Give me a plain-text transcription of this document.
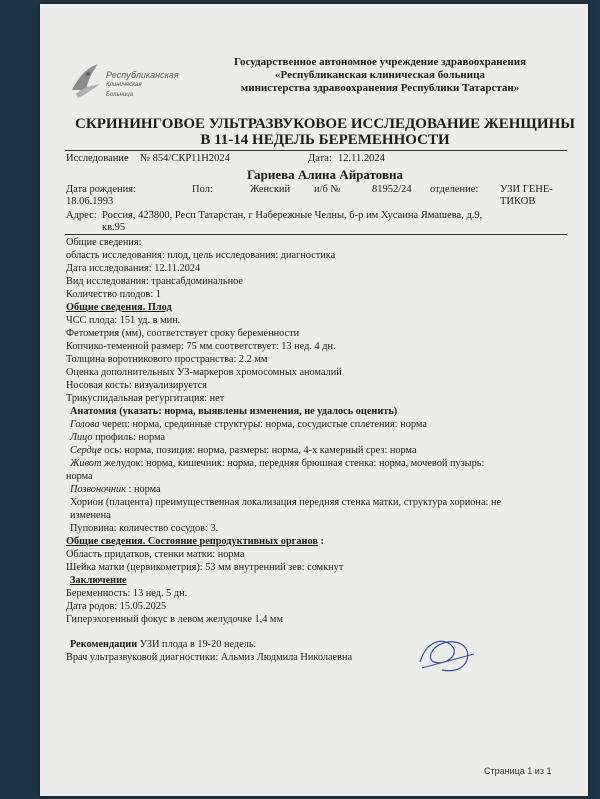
Республиканская
Клиническая
Больница
Государственное автономное учреждение здравоохранения
«Республиканская клиническая больница
министерства здравоохранения Республики Татарстан»
СКРИНИНГОВОЕ УЛЬТРАЗВУКОВОЕ ИССЛЕДОВАНИЕ ЖЕНЩИНЫ
В 11-14 НЕДЕЛЬ БЕРЕМЕННОСТИ
Исследование № 854/СКР11Н2024	Дата: 12.11.2024
Гариева Алина Айратовна
Дата рождения:
18.06.1993
Пол:	Женский и/б №	81952/24 отделение: УЗИ ГЕНЕ-
ТИКОВ
Адрес: Россия, 423800, Респ Татарстан, г Набережные Челны, б-р им Хусаина Ямашева, д.9,
кв.95
Общие сведения:
область исследования: плод, цель исследования: диагностика
Дата исследования: 12.11.2024
Вид исследования: трансабдоминальное
Количество плодов: 1
Общие сведения. Плод
ЧСС плода: 151 уд. в мин.
Фетометрия (мм), соответствует сроку беременности
Копчико-теменной размер: 75 мм соответствует: 13 нед. 4 дн.
Толщина воротникового пространства: 2.2 мм
Оценка дополнительных УЗ-маркеров хромосомных аномалий
Носовая кость: визуализируется
Трикуспидальная регургитация: нет
Анатомия (указать: норма, выявлены изменения, не удалось оценить)
Голова череп: норма, срединные структуры: норма, сосудистые сплетения: норма
Лицо профиль: норма
Сердце ось: норма, позиция: норма, размеры: норма, 4-х камерный срез: норма
Живот желудок: норма, кишечник: норма, передняя брюшная стенка: норма, мочевой пузырь:
норма
Позвоночник : норма
Хорион (плацента) преимущественная локализация передняя стенка матки, структура хориона: не
изменена
Пуповина: количество сосудов: 3.
Общие сведения. Состояние репродуктивных органов :
Область придатков, стенки матки: норма
Шейка матки (цервикометрия): 53 мм внутренний зев: сомкнут
Заключение
Беременность: 13 нед. 5 дн.
Дата родов: 15.05.2025
Гиперэхогенный фокус в левом желудочке 1,4 мм
Рекомендации УЗИ плода в 19-20 недель.
Врач ультразвуковой диагностики: Альмиз Людмила Николаевна
Страница 1 из 1
